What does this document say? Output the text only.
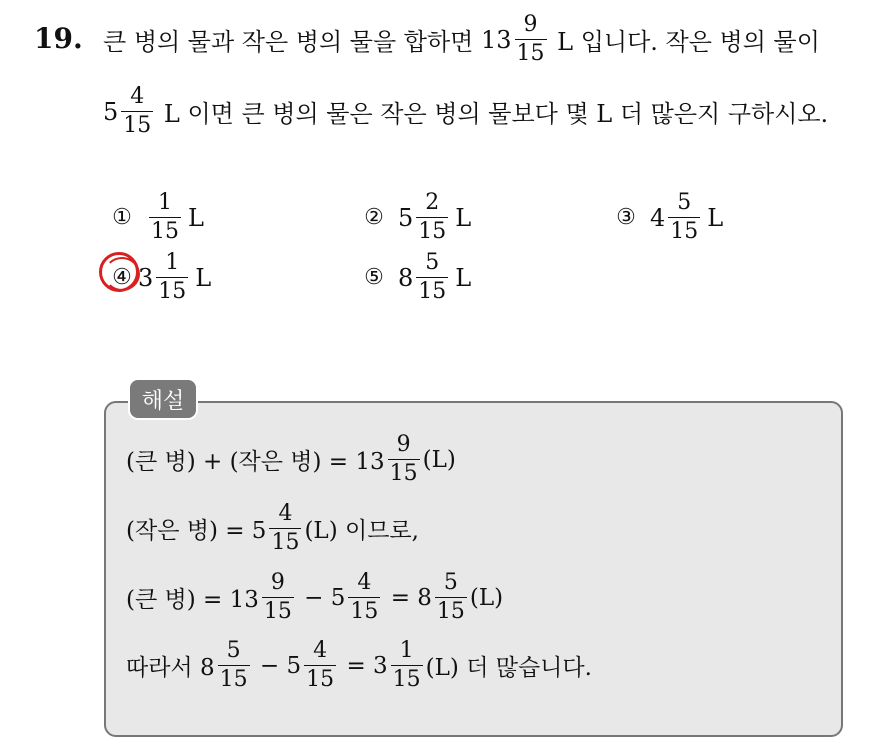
19. 큰 병의 물과 작은 병의 물을 합하면 $13 \frac{9}{15}$ L 입니다. 작은 병의 물이
$5 \frac{4}{15}$ L 이면 큰 병의 물은 작은 병의 물보다 몇 L 더 많은지 구하시오.
① $\frac{1}{15}$ L	② $5 \frac{2}{15}$ L	③ $4 \frac{5}{15}$ L
④ $3 \frac{1}{15}$ L	⑤ $8 \frac{5}{15}$ L
해설
(큰 병) + (작은 병) = $13 \frac{9}{15} (L)$
(작은 병) = $5 \frac{4}{15} (L)$ 이므로,
(큰 병) = $13 \frac{9}{15} - 5 \frac{4}{15} = 8 \frac{5}{15} (L)$
따라서 $8 \frac{5}{15} - 5 \frac{4}{15} = 3 \frac{1}{15} (L)$ 더 많습니다.
